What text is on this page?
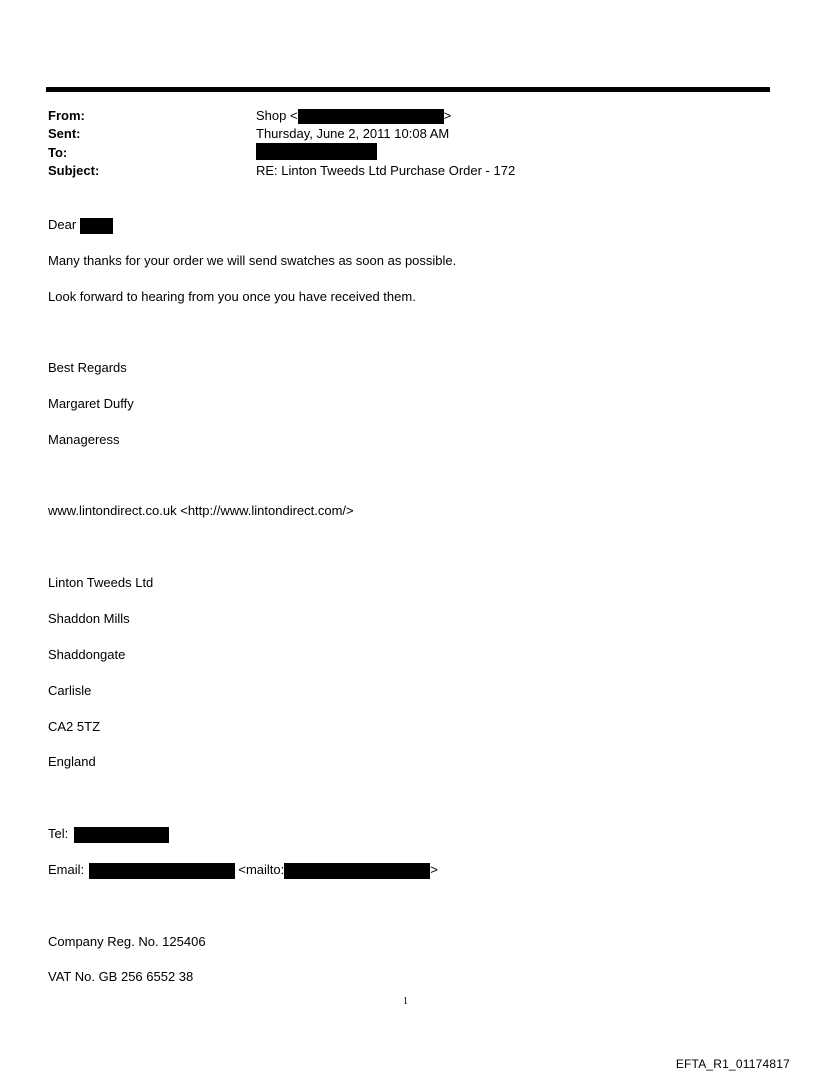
From:	Shop <	>
Sent:	Thursday, June 2, 2011 10:08 AM
To:
Subject:	RE: Linton Tweeds Ltd Purchase Order - 172
Dear
Many thanks for your order we will send swatches as soon as possible.
Look forward to hearing from you once you have received them.
Best Regards
Margaret Duffy
Manageress
www.lintondirect.co.uk <http://www.lintondirect.com/>
Linton Tweeds Ltd
Shaddon Mills
Shaddongate
Carlisle
CA2 5TZ
England
Tel:
Email:	<mailto:	>
Company Reg. No. 125406
VAT No. GB 256 6552 38
1
EFTA_R1_01174817
